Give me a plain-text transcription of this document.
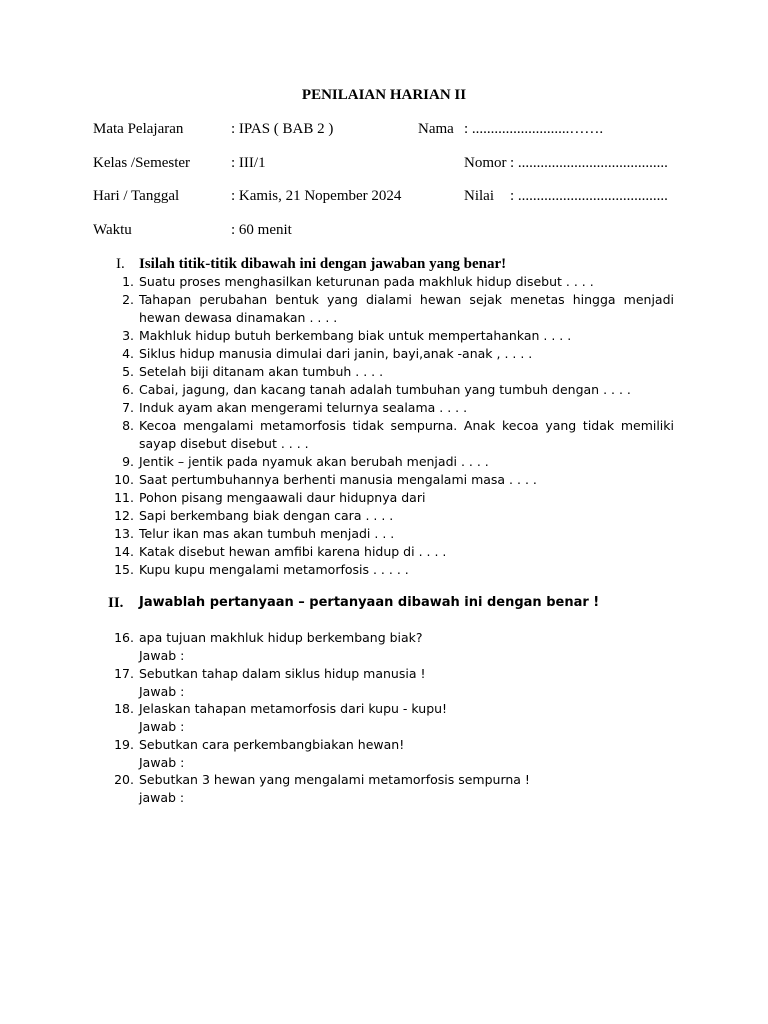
PENILAIAN HARIAN II
Mata Pelajaran	: IPAS ( BAB 2 )	Nama : ..........................…….
Kelas /Semester	: III/1	Nomor : ........................................
Hari / Tanggal	: Kamis, 21 Nopember 2024	Nilai : ........................................
Waktu	: 60 menit
I. Isilah titik-titik dibawah ini dengan jawaban yang benar!
1. Suatu proses menghasilkan keturunan pada makhluk hidup disebut . . . .
2. Tahapan perubahan bentuk yang dialami hewan sejak menetas hingga menjadi
hewan dewasa dinamakan . . . .
3. Makhluk hidup butuh berkembang biak untuk mempertahankan . . . .
4. Siklus hidup manusia dimulai dari janin, bayi,anak -anak , . . . .
5. Setelah biji ditanam akan tumbuh . . . .
6. Cabai, jagung, dan kacang tanah adalah tumbuhan yang tumbuh dengan . . . .
7. Induk ayam akan mengerami telurnya sealama . . . .
8. Kecoa mengalami metamorfosis tidak sempurna. Anak kecoa yang tidak memiliki
sayap disebut disebut . . . .
9. Jentik – jentik pada nyamuk akan berubah menjadi . . . .
10. Saat pertumbuhannya berhenti manusia mengalami masa . . . .
11. Pohon pisang mengaawali daur hidupnya dari
12. Sapi berkembang biak dengan cara . . . .
13. Telur ikan mas akan tumbuh menjadi . . .
14. Katak disebut hewan amfibi karena hidup di . . . .
15. Kupu kupu mengalami metamorfosis . . . . .
II. Jawablah pertanyaan – pertanyaan dibawah ini dengan benar !
16. apa tujuan makhluk hidup berkembang biak?
Jawab :
17. Sebutkan tahap dalam siklus hidup manusia !
Jawab :
18. Jelaskan tahapan metamorfosis dari kupu - kupu!
Jawab :
19. Sebutkan cara perkembangbiakan hewan!
Jawab :
20. Sebutkan 3 hewan yang mengalami metamorfosis sempurna !
jawab :
